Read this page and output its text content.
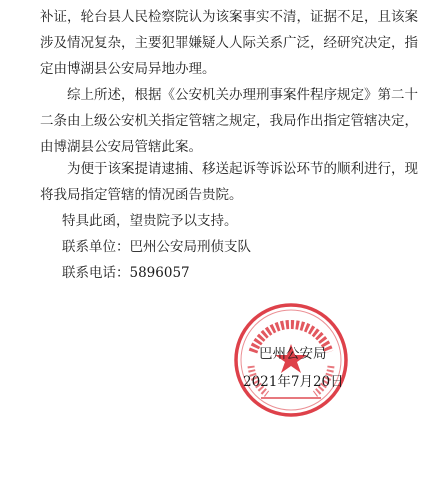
补证，轮台县人民检察院认为该案事实不清，证据不足，且该案涉及情况复杂，主要犯罪嫌疑人人际关系广泛，经研究决定，指定由博湖县公安局异地办理。

综上所述，根据《公安机关办理刑事案件程序规定》第二十二条由上级公安机关指定管辖之规定，我局作出指定管辖决定，由博湖县公安局管辖此案。

为便于该案提请逮捕、移送起诉等诉讼环节的顺利进行，现将我局指定管辖的情况函告贵院。

特具此函，望贵院予以支持。
联系单位：巴州公安局刑侦支队
联系电话：5896057
巴州公安局
2021年7月20日
